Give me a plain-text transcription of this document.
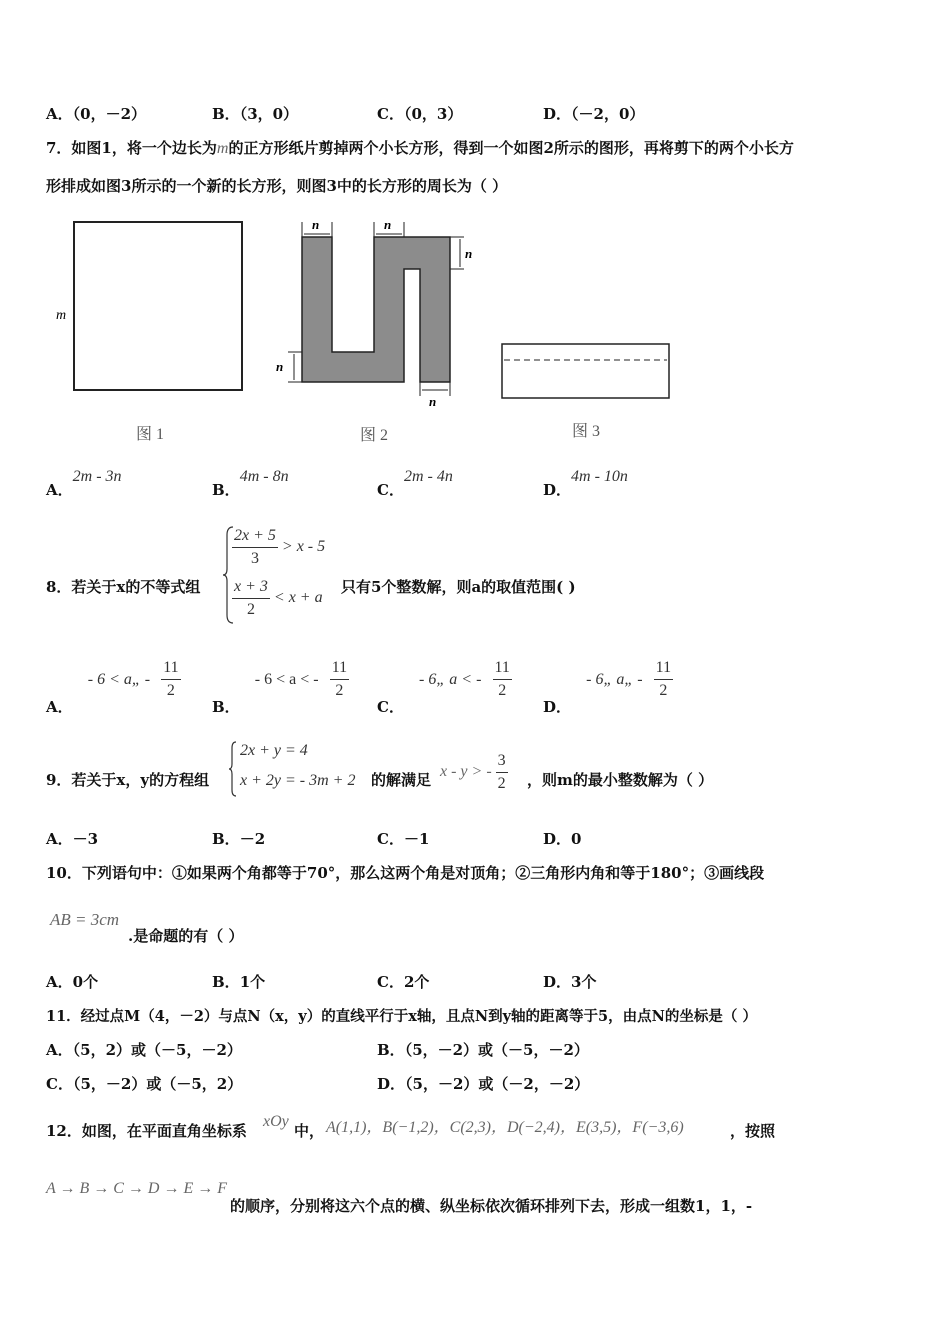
A．（0，－2）	B．（3，0）	C．（0，3）	D．（－2，0）
7．如图1，将一个边长为m的正方形纸片剪掉两个小长方形，得到一个如图2所示的图形，再将剪下的两个小长方
形排成如图3所示的一个新的长方形，则图3中的长方形的周长为（ ）
m
图 1
n	n
n
n
n
图 2	图 3
A．2m - 3n
B．4m - 8n
C．2m - 4n
D．4m - 10n
8．若关于x的不等式组
$\frac{2x + 5}{3} > x - 5$
$\frac{x + 3}{2} < x + a$
只有5个整数解，则a的取值范围( )
A． - 6 < a„ - $\frac{11}{2}$
B． - 6 < a < - $\frac{11}{2}$
C． - 6„ a < - $\frac{11}{2}$
D． - 6„ a„ - $\frac{11}{2}$
9．若关于x，y的方程组
2x + y = 4
x + 2y = - 3m + 2 的解满足 x - y > - $\frac{3}{2}$ ，则m的最小整数解为（ ）
A．－3	B．－2	C．－1	D．0
10．下列语句中：①如果两个角都等于70°，那么这两个角是对顶角；②三角形内角和等于180°；③画线段
AB = 3cm
.是命题的有（ ）
A．0个	B．1个	C．2个	D．3个
11．经过点M（4，－2）与点N（x，y）的直线平行于x轴，且点N到y轴的距离等于5，由点N的坐标是（ ）
A．（5，2）或（－5，－2）	B．（5，－2）或（－5，－2）
C．（5，－2）或（－5，2）	D．（5，－2）或（－2，－2）
12．如图，在平面直角坐标系
xOy
中， A(1,1)，B(−1,2)，C(2,3)，D(−2,4)，E(3,5)，F(−3,6)	，按照
A → B → C → D → E → F
的顺序，分别将这六个点的横、纵坐标依次循环排列下去，形成一组数1，1，-
